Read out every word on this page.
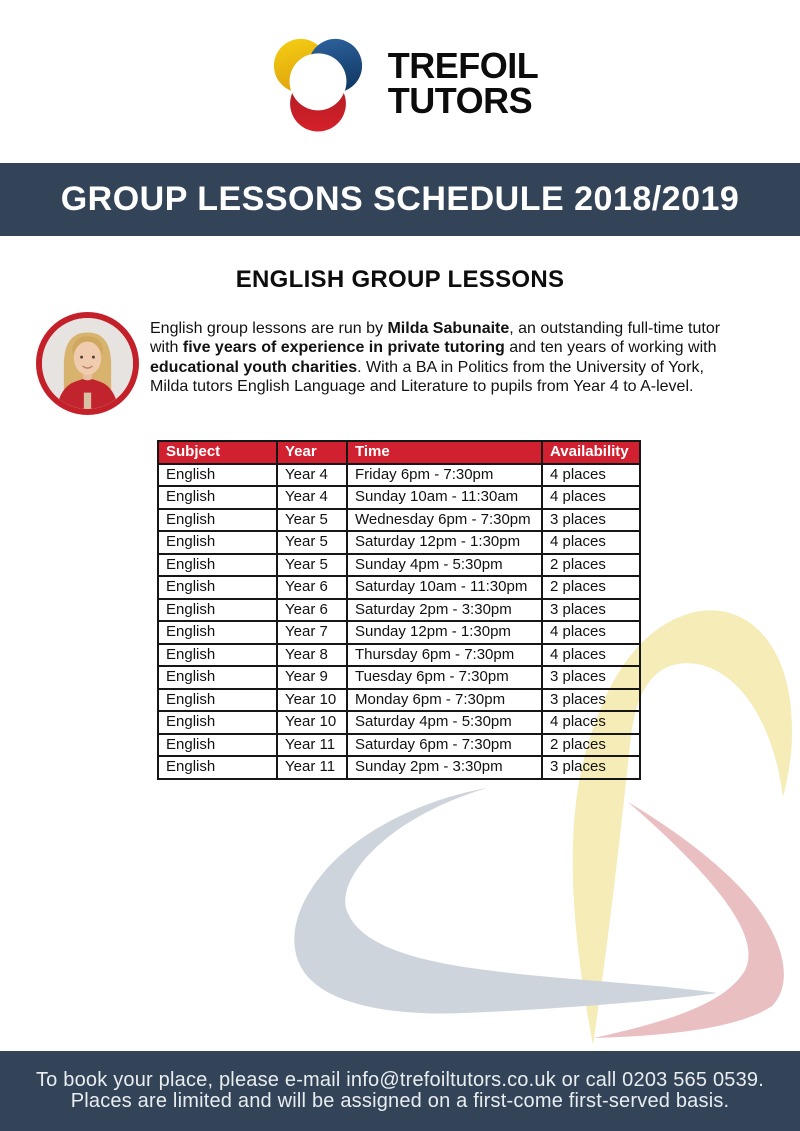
TREFOIL
TUTORS
GROUP LESSONS SCHEDULE 2018/2019
ENGLISH GROUP LESSONS

English group lessons are run by Milda Sabunaite, an outstanding full-time tutor
with five years of experience in private tutoring and ten years of working with
educational youth charities. With a BA in Politics from the University of York,
Milda tutors English Language and Literature to pupils from Year 4 to A-level.

Subject	Year	Time	Availability
English	Year 4	Friday 6pm - 7:30pm	4 places
English	Year 4	Sunday 10am - 11:30am	4 places
English	Year 5	Wednesday 6pm - 7:30pm	3 places
English	Year 5	Saturday 12pm - 1:30pm	4 places
English	Year 5	Sunday 4pm - 5:30pm	2 places
English	Year 6	Saturday 10am - 11:30pm	2 places
English	Year 6	Saturday 2pm - 3:30pm	3 places
English	Year 7	Sunday 12pm - 1:30pm	4 places
English	Year 8	Thursday 6pm - 7:30pm	4 places
English	Year 9	Tuesday 6pm - 7:30pm	3 places
English	Year 10	Monday 6pm - 7:30pm	3 places
English	Year 10	Saturday 4pm - 5:30pm	4 places
English	Year 11	Saturday 6pm - 7:30pm	2 places
English	Year 11	Sunday 2pm - 3:30pm	3 places
To book your place, please e-mail info@trefoiltutors.co.uk or call 0203 565 0539.
Places are limited and will be assigned on a first-come first-served basis.
